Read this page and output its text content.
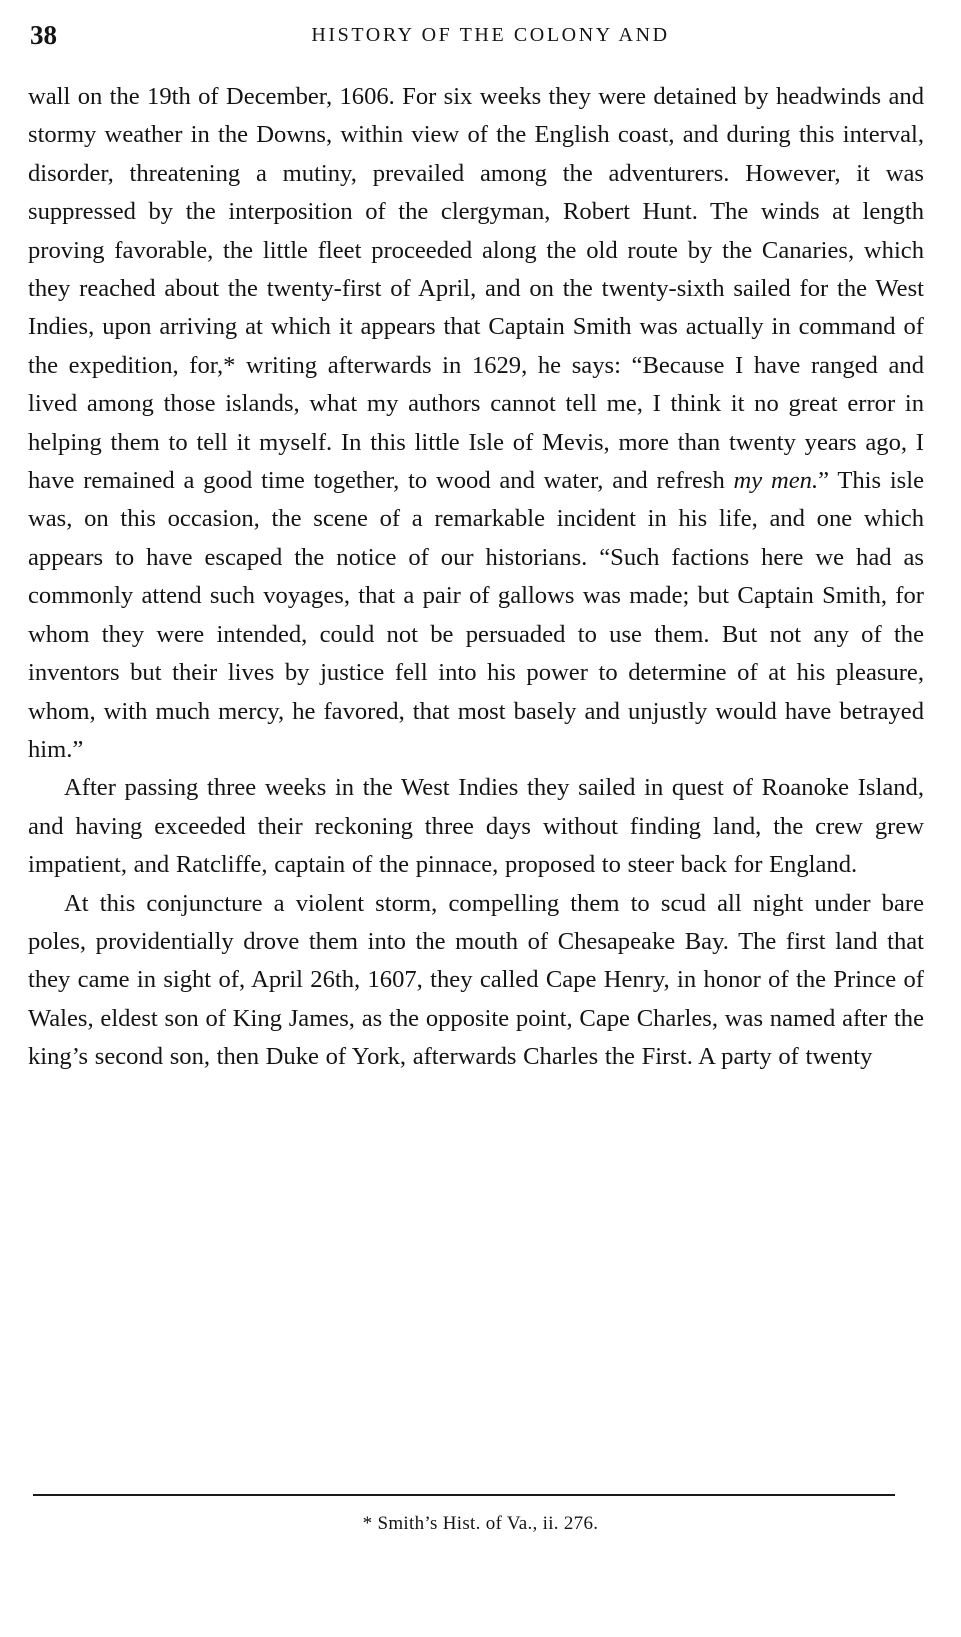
38	HISTORY OF THE COLONY AND

wall on the 19th of December, 1606. For six weeks they were detained by headwinds and stormy weather in the Downs, within view of the English coast, and during this interval, disorder, threatening a mutiny, prevailed among the adventurers. However, it was suppressed by the interposition of the clergyman, Robert Hunt. The winds at length proving favorable, the little fleet proceeded along the old route by the Canaries, which they reached about the twenty-first of April, and on the twenty-sixth sailed for the West Indies, upon arriving at which it appears that Captain Smith was actually in command of the expedition, for,* writing afterwards in 1629, he says: “Because I have ranged and lived among those islands, what my authors cannot tell me, I think it no great error in helping them to tell it myself. In this little Isle of Mevis, more than twenty years ago, I have remained a good time together, to wood and water, and refresh my men.” This isle was, on this occasion, the scene of a remarkable incident in his life, and one which appears to have escaped the notice of our historians. “Such factions here we had as commonly attend such voyages, that a pair of gallows was made; but Captain Smith, for whom they were intended, could not be persuaded to use them. But not any of the inventors but their lives by justice fell into his power to determine of at his pleasure, whom, with much mercy, he favored, that most basely and unjustly would have betrayed him.”

After passing three weeks in the West Indies they sailed in quest of Roanoke Island, and having exceeded their reckoning three days without finding land, the crew grew impatient, and Ratcliffe, captain of the pinnace, proposed to steer back for England.

At this conjuncture a violent storm, compelling them to scud all night under bare poles, providentially drove them into the mouth of Chesapeake Bay. The first land that they came in sight of, April 26th, 1607, they called Cape Henry, in honor of the Prince of Wales, eldest son of King James, as the opposite point, Cape Charles, was named after the king’s second son, then Duke of York, afterwards Charles the First. A party of twenty

* Smith’s Hist. of Va., ii. 276.
